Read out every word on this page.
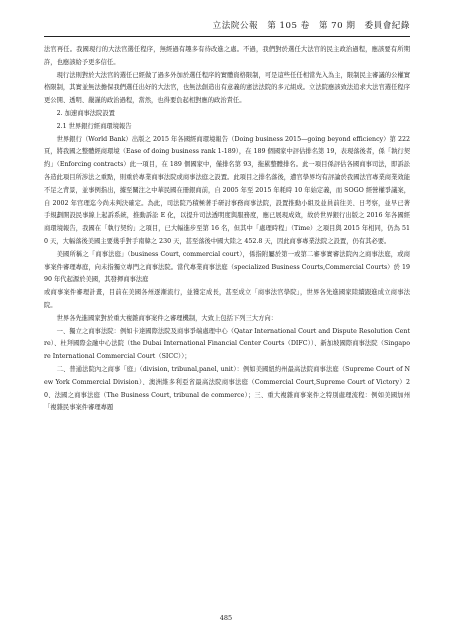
立法院公報　第 105 卷　第 70 期　委員會紀錄

法官再任。我國現行的大法官選任程序，無經過有趣多有待改進之處。不過，我們對於選任大法官的民主政治過程，應該要有所期許，也應該給予更多信任。

現行法則對於大法官的選任已經做了過多外加於選任程序的實體資格限制，可是這些任任相當先入為主，限制民主審議的公權實格限制，其實並無法擔保我們選任出好的大法官，也無法創造出有意義的憲法法院的多元組成。立法院應該致法追求大法官選任程序更公開、透明、嚴謹的政治過程，當然，也得要負起相對應的政治責任。

2. 加速商事法院設置

2.1 世界銀行經商環境報告

世界銀行（World Bank）出版之 2015 年各國經商環境報告（Doing business 2015—going beyond efficiency）第 222 頁，將我國之整體經商環境（Ease of doing business rank 1-189），在 189 個國家中評估排名第 19，表現落後者，係「執行契約」（Enforcing contracts）此一項目，在 189 個國家中，僅排名第 93，拖累整體排名。此一項目係評估各國商事司法，即訴訟各造此項目所涉法之重點，則重於專業商事法院或商事法庭之設置。此項目之排名落後，遭官學界均有評論於我國法官專業商業效能不足之背景，並事例指出，據至關注之中華民國在冊銀商前，自 2005 年至 2015 年耗時 10 年始定義，而 SOGO 經營權爭議案，自 2002 年官理迄今尚未判決確定。為此，司法院乃積極著手研討事務商事法院，設置推動小組及並員前往美、日考察，並早已著手規劃開設民事線上起訴系統，推動訴訟 E 化，以提升司法透明度與服務度，應已展現成效，故於世界銀行出版之 2016 年各國經商環境報告，我國在「執行契約」之項目，已大幅進步至第 16 名，但其中「處理時程」（Time）之項目與 2015 年相同，仍為 510 天，大幅落後美國主要幾乎對手南韓之 230 天，甚至落後中國大陸之 452.8 天，因此商事專業法院之設置，仍有其必要。

美國所稱之「商事法庭」（business Court, commercial court），係指附屬於第一或第二審事實審法院內之商事法庭，或商事案件審理專庭，向未指獨立專門之商事法院。當代專業商事法庭（specialized Business Courts,Commercial Courts）於 1990 年代起源於美國，其發揮商事法庭

或商事案件審理計畫，目前在美國各州逐漸流行，並獲定成長，甚至成立「商事法官學院」，世界各先進國家陸續跟進成立商事法院。

世界各先進國家對於重大複雜商事案件之審理機制，大致上包括下列三大方向：

一、獨立之商事法院：例如卡達國際法院及商事爭端處理中心（Qatar International Court and Dispute Resolution Centre）、杜拜國際金融中心法院（the Dubai International Financial Center Courts（DIFC））、新加坡國際商事法院（Singapore International Commercial Court（SICC））；

二、普通法院內之商事「庭」（division, tribunal,panel, unit）：例如美國紐約州最高法院商事法庭（Supreme Court of New York Commercial Division）、澳洲維多利亞省最高法院商事法庭（Commercial Court,Supreme Court of Victory）20、法國之商事法庭（The Business Court, tribunal de commerce）；三、重大複雜商事案件之特別處理流程：例如美國加州「複雜民事案件審理專題

485
